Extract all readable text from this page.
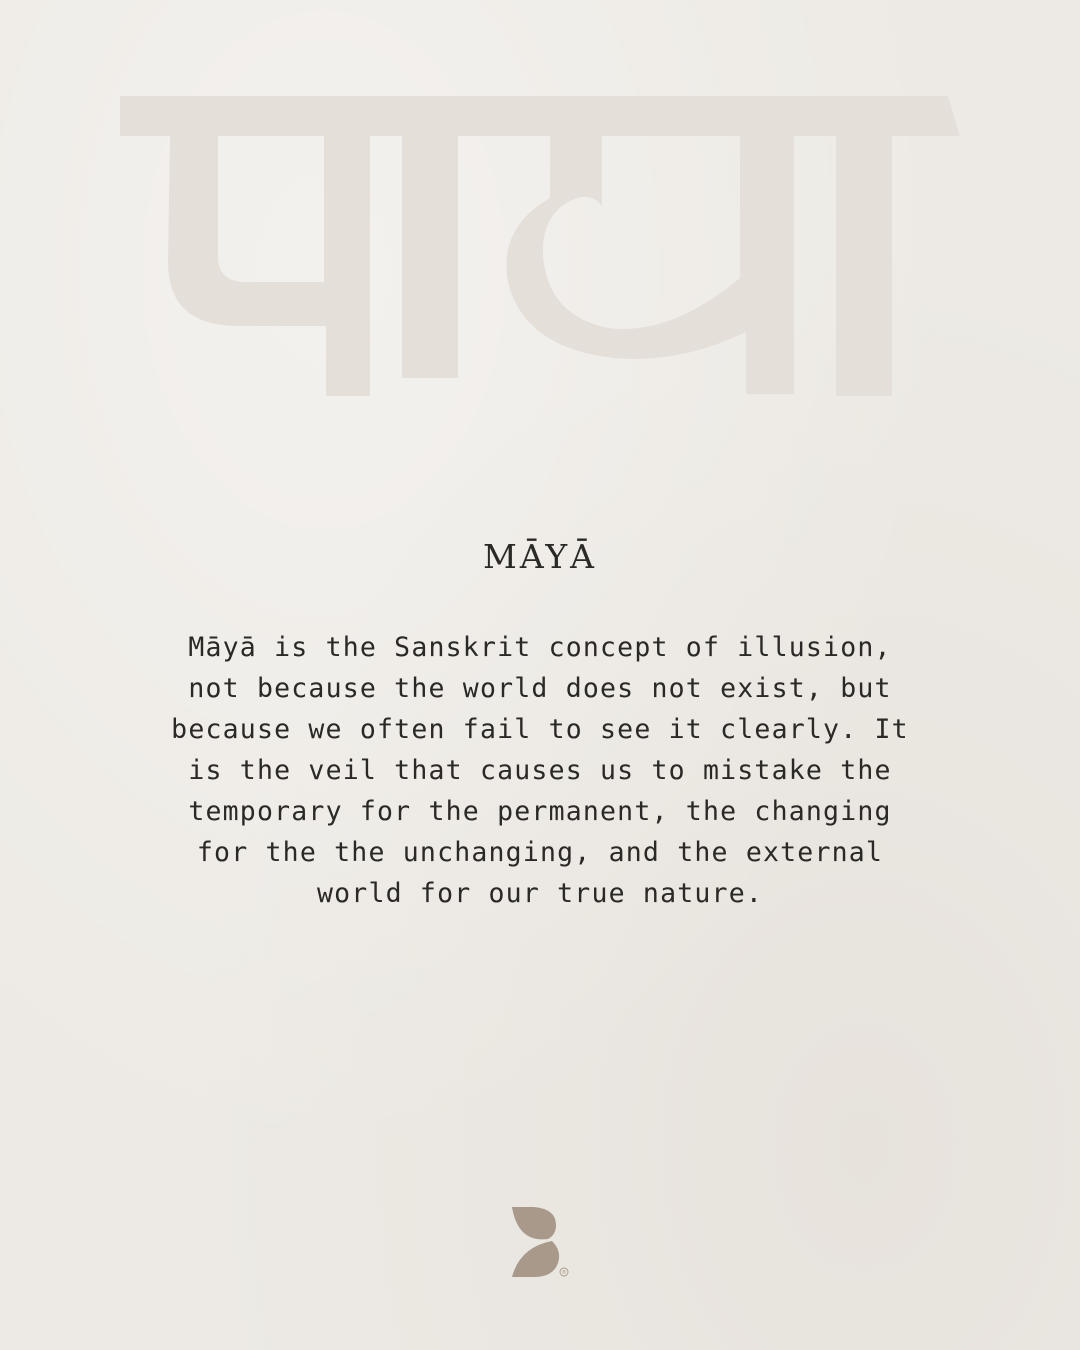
MĀYĀ

Māyā is the Sanskrit concept of illusion, not because the world does not exist, but because we often fail to see it clearly. It is the veil that causes us to mistake the temporary for the permanent, the changing for the the unchanging, and the external world for our true nature.

®
